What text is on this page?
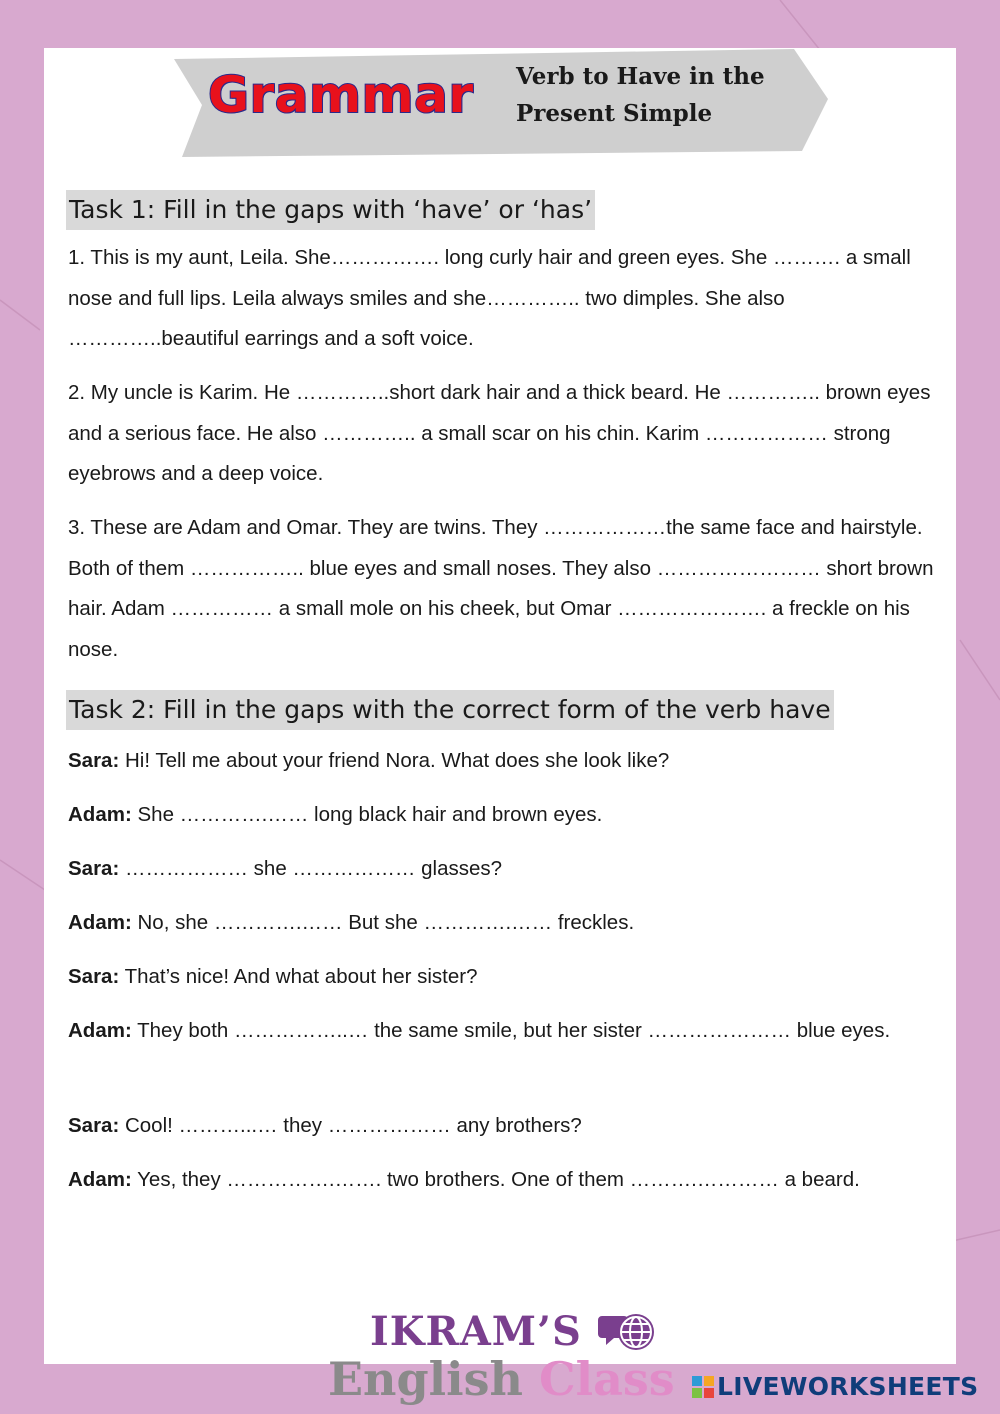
Grammar Verb to Have in the
Present Simple
Task 1: Fill in the gaps with ‘have’ or ‘has’
1. This is my aunt, Leila. She……………. long curly hair and green eyes. She ………. a small nose and full lips. Leila always smiles and she………….. two dimples. She also …………..beautiful earrings and a soft voice.
2. My uncle is Karim. He …………..short dark hair and a thick beard. He ………….. brown eyes and a serious face. He also ………….. a small scar on his chin. Karim ……………… strong eyebrows and a deep voice.
3. These are Adam and Omar. They are twins. They ………………the same face and hairstyle. Both of them …………….. blue eyes and small noses. They also …………………… short brown hair. Adam …………… a small mole on his cheek, but Omar …………………. a freckle on his nose.
Task 2: Fill in the gaps with the correct form of the verb have
Sara: Hi! Tell me about your friend Nora. What does she look like?
Adam: She ………….…… long black hair and brown eyes.
Sara: ……………… she ……………… glasses?
Adam: No, she ………….…… But she ………….…… freckles.
Sara: That’s nice! And what about her sister?
Adam: They both ……………..… the same smile, but her sister ………………… blue eyes.
Sara: Cool! ………...… they ……………… any brothers?
Adam: Yes, they …………….……. two brothers. One of them ……….………… a beard.
IKRAM’S
English Class	LIVEWORKSHEETS
